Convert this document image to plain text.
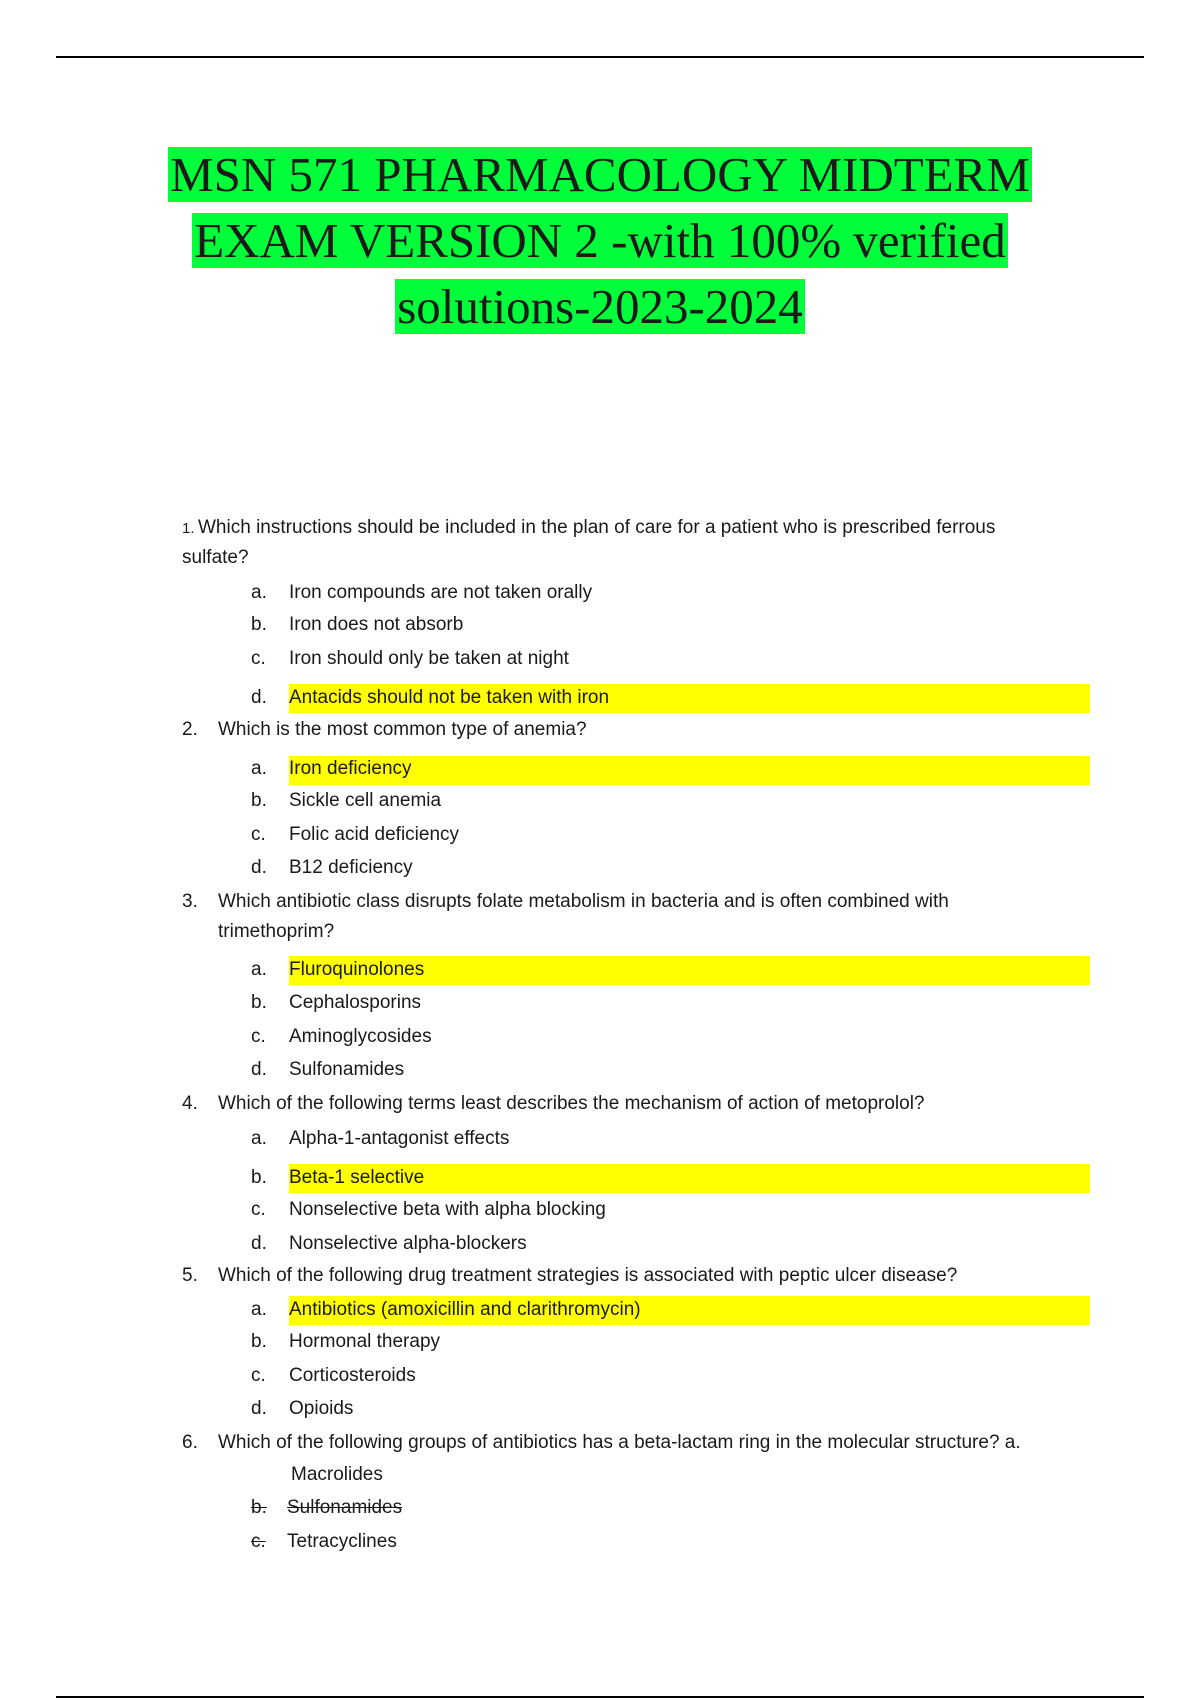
MSN 571 PHARMACOLOGY MIDTERM
EXAM VERSION 2 -with 100% verified
solutions-2023-2024
1. Which instructions should be included in the plan of care for a patient who is prescribed ferrous
sulfate?
a. Iron compounds are not taken orally
b. Iron does not absorb
c. Iron should only be taken at night
d. Antacids should not be taken with iron
2. Which is the most common type of anemia?
a. Iron deficiency
b. Sickle cell anemia
c. Folic acid deficiency
d. B12 deficiency
3. Which antibiotic class disrupts folate metabolism in bacteria and is often combined with
trimethoprim?
a. Fluroquinolones
b. Cephalosporins
c. Aminoglycosides
d. Sulfonamides
4. Which of the following terms least describes the mechanism of action of metoprolol?
a. Alpha-1-antagonist effects
b. Beta-1 selective
c. Nonselective beta with alpha blocking
d. Nonselective alpha-blockers
5. Which of the following drug treatment strategies is associated with peptic ulcer disease?
a. Antibiotics (amoxicillin and clarithromycin)
b. Hormonal therapy
c. Corticosteroids
d. Opioids
6. Which of the following groups of antibiotics has a beta-lactam ring in the molecular structure? a.
Macrolides
b. Sulfonamides
c. Tetracyclines
